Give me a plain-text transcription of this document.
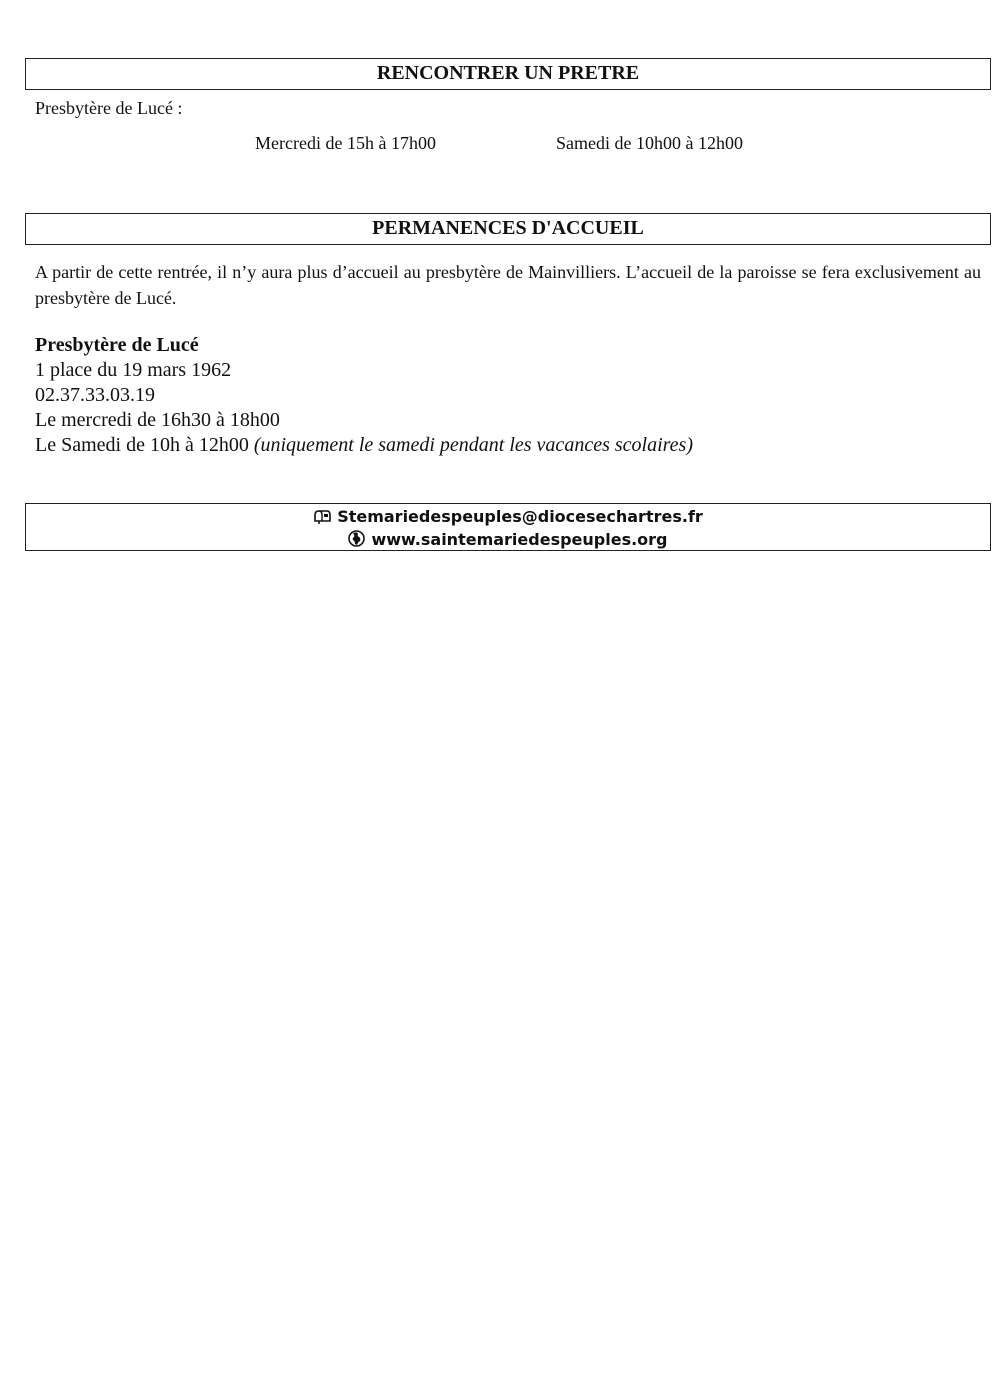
RENCONTRER UN PRETRE

Presbytère de Lucé :
Mercredi de 15h à 17h00	Samedi de 10h00 à 12h00

PERMANENCES D'ACCUEIL

A partir de cette rentrée, il n’y aura plus d’accueil au presbytère de Mainvilliers. L’accueil de la paroisse se fera exclusivement au presbytère de Lucé.

Presbytère de Lucé
1 place du 19 mars 1962
02.37.33.03.19
Le mercredi de 16h30 à 18h00
Le Samedi de 10h à 12h00 (uniquement le samedi pendant les vacances scolaires)
Stemariedespeuples@diocesechartres.fr
www.saintemariedespeuples.org
